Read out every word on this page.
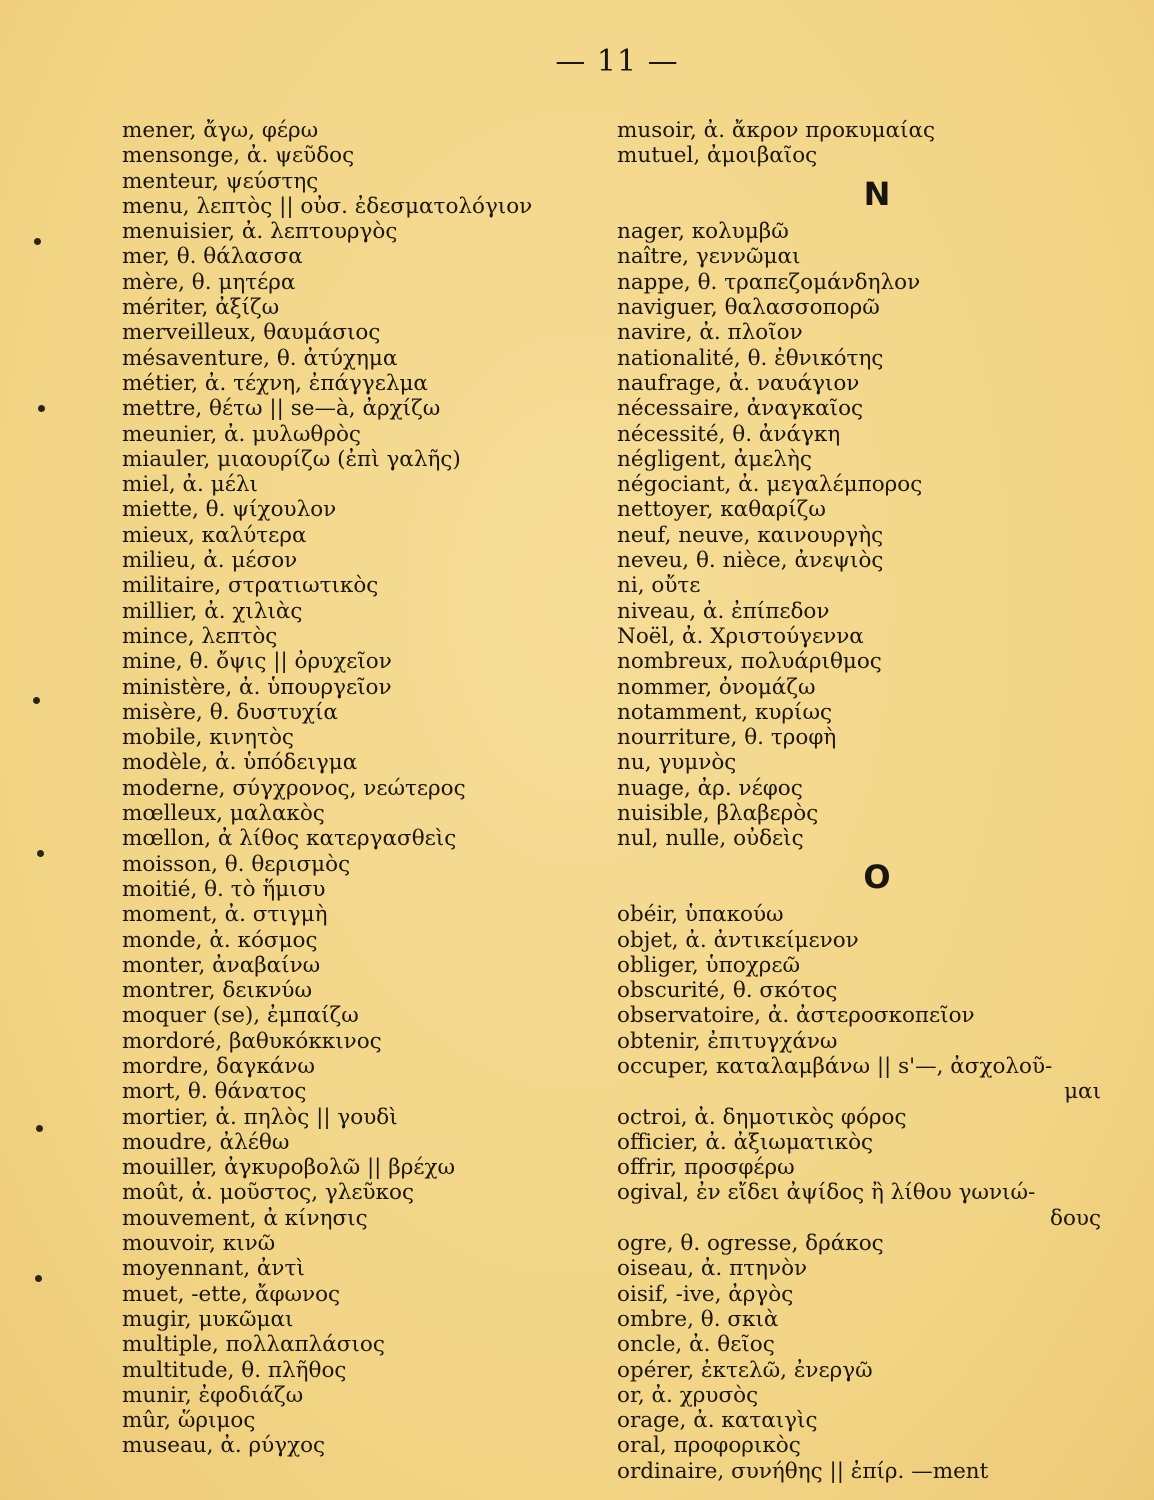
— 11 —
mener, ἄγω, φέρω
mensonge, ἀ. ψεῦδος
menteur, ψεύστης
menu, λεπτὸς || οὐσ. ἐδεσματολόγιον
menuisier, ἀ. λεπτουργὸς
mer, θ. θάλασσα
mère, θ. μητέρα
mériter, ἀξίζω
merveilleux, θαυμάσιος
mésaventure, θ. ἀτύχημα
métier, ἀ. τέχνη, ἐπάγγελμα
mettre, θέτω || se—à, ἀρχίζω
meunier, ἀ. μυλωθρὸς
miauler, μιαουρίζω (ἐπὶ γαλῆς)
miel, ἀ. μέλι
miette, θ. ψίχουλον
mieux, καλύτερα
milieu, ἀ. μέσον
militaire, στρατιωτικὸς
millier, ἀ. χιλιὰς
mince, λεπτὸς
mine, θ. ὄψις || ὀρυχεῖον
ministère, ἀ. ὑπουργεῖον
misère, θ. δυστυχία
mobile, κινητὸς
modèle, ἀ. ὑπόδειγμα
moderne, σύγχρονος, νεώτερος
mœlleux, μαλακὸς
mœllon, ἀ λίθος κατεργασθεὶς
moisson, θ. θερισμὸς
moitié, θ. τὸ ἥμισυ
moment, ἀ. στιγμὴ
monde, ἀ. κόσμος
monter, ἀναβαίνω
montrer, δεικνύω
moquer (se), ἐμπαίζω
mordoré, βαθυκόκκινος
mordre, δαγκάνω
mort, θ. θάνατος
mortier, ἀ. πηλὸς || γουδὶ
moudre, ἀλέθω
mouiller, ἀγκυροβολῶ || βρέχω
moût, ἀ. μοῦστος, γλεῦκος
mouvement, ἀ κίνησις
mouvoir, κινῶ
moyennant, ἀντὶ
muet, -ette, ἄφωνος
mugir, μυκῶμαι
multiple, πολλαπλάσιος
multitude, θ. πλῆθος
munir, ἐφοδιάζω
mûr, ὥριμος
museau, ἀ. ρύγχος
musoir, ἀ. ἄκρον προκυμαίας
mutuel, ἀμοιβαῖος
N
nager, κολυμβῶ
naître, γεννῶμαι
nappe, θ. τραπεζομάνδηλον
naviguer, θαλασσοπορῶ
navire, ἀ. πλοῖον
nationalité, θ. ἐθνικότης
naufrage, ἀ. ναυάγιον
nécessaire, ἀναγκαῖος
nécessité, θ. ἀνάγκη
négligent, ἀμελὴς
négociant, ἀ. μεγαλέμπορος
nettoyer, καθαρίζω
neuf, neuve, καινουργὴς
neveu, θ. nièce, ἀνεψιὸς
ni, οὔτε
niveau, ἀ. ἐπίπεδον
Noël, ἀ. Χριστούγεννα
nombreux, πολυάριθμος
nommer, ὀνομάζω
notamment, κυρίως
nourriture, θ. τροφὴ
nu, γυμνὸς
nuage, ἀρ. νέφος
nuisible, βλαβερὸς
nul, nulle, οὐδεὶς
O
obéir, ὑπακούω
objet, ἀ. ἀντικείμενον
obliger, ὑποχρεῶ
obscurité, θ. σκότος
observatoire, ἀ. ἀστεροσκοπεῖον
obtenir, ἐπιτυγχάνω
occuper, καταλαμβάνω || s'—, ἀσχολοῦ-
μαι
octroi, ἀ. δημοτικὸς φόρος
officier, ἀ. ἀξιωματικὸς
offrir, προσφέρω
ogival, ἐν εἴδει ἀψίδος ἢ λίθου γωνιώ-
δους
ogre, θ. ogresse, δράκος
oiseau, ἀ. πτηνὸν
oisif, -ive, ἀργὸς
ombre, θ. σκιὰ
oncle, ἀ. θεῖος
opérer, ἐκτελῶ, ἐνεργῶ
or, ἀ. χρυσὸς
orage, ἀ. καταιγὶς
oral, προφορικὸς
ordinaire, συνήθης || ἐπίρ. —ment
